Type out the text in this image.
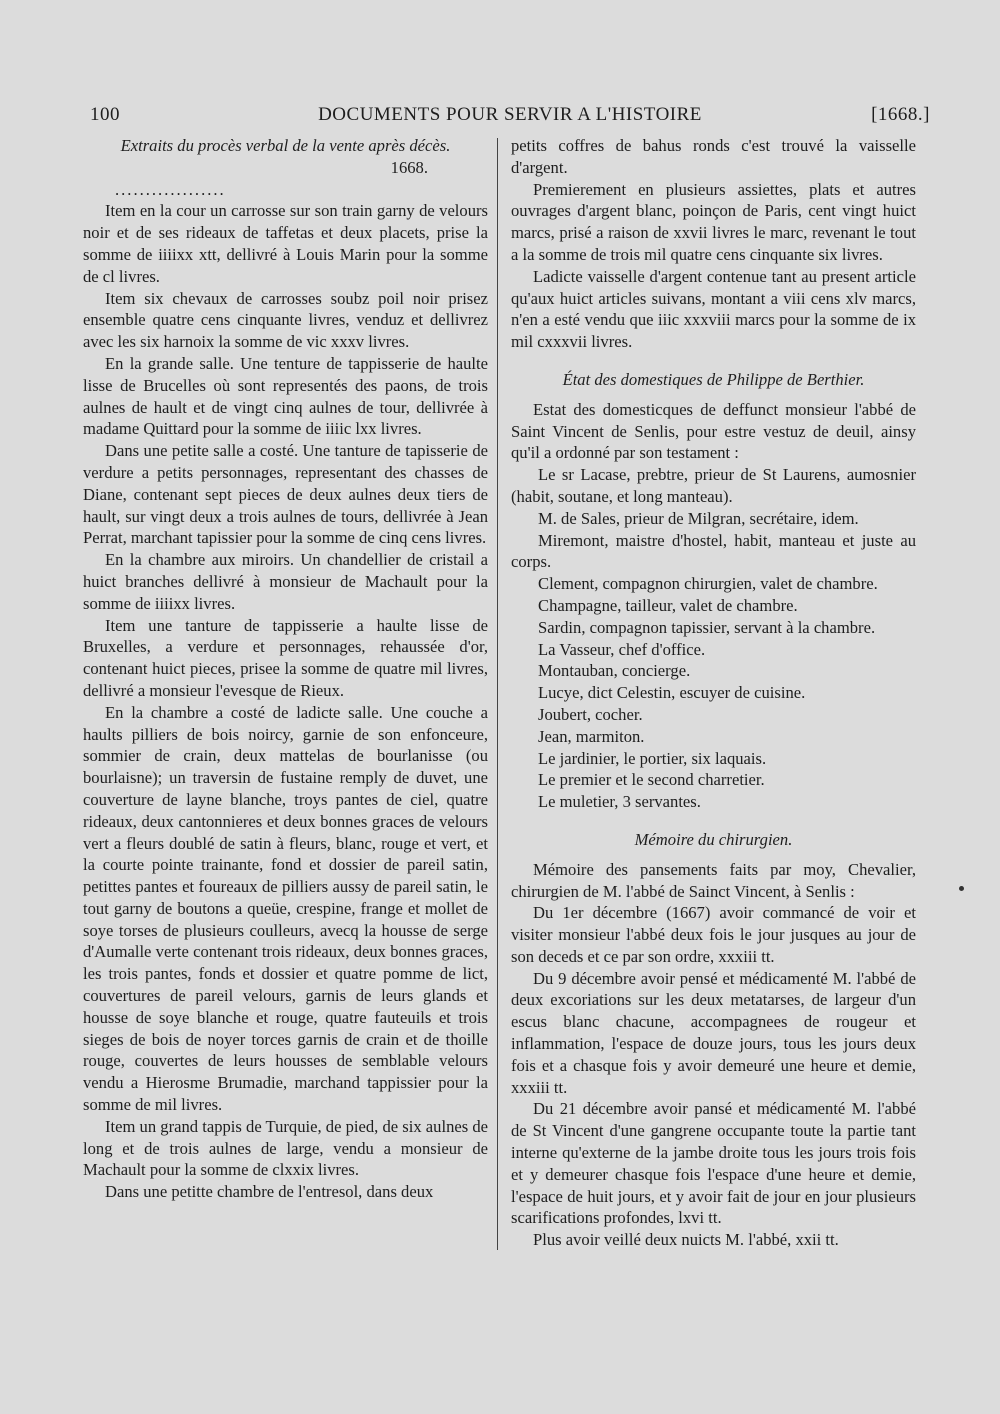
100	DOCUMENTS POUR SERVIR A L'HISTOIRE	[1668.]

Extraits du procès verbal de la vente après décès.

1668.

..................

Item en la cour un carrosse sur son train garny de velours noir et de ses rideaux de taffetas et deux placets, prise la somme de iiiixx xtt, dellivré à Louis Marin pour la somme de cl livres.

Item six chevaux de carrosses soubz poil noir prisez ensemble quatre cens cinquante livres, venduz et dellivrez avec les six harnoix la somme de vic xxxv livres.

En la grande salle. Une tenture de tappisserie de haulte lisse de Brucelles où sont representés des paons, de trois aulnes de hault et de vingt cinq aulnes de tour, dellivrée à madame Quittard pour la somme de iiiic lxx livres.

Dans une petite salle a costé. Une tanture de tapisserie de verdure a petits personnages, representant des chasses de Diane, contenant sept pieces de deux aulnes deux tiers de hault, sur vingt deux a trois aulnes de tours, dellivrée à Jean Perrat, marchant tapissier pour la somme de cinq cens livres.

En la chambre aux miroirs. Un chandellier de cristail a huict branches dellivré à monsieur de Machault pour la somme de iiiixx livres.

Item une tanture de tappisserie a haulte lisse de Bruxelles, a verdure et personnages, rehaussée d'or, contenant huict pieces, prisee la somme de quatre mil livres, dellivré a monsieur l'evesque de Rieux.

En la chambre a costé de ladicte salle. Une couche a haults pilliers de bois noircy, garnie de son enfonceure, sommier de crain, deux mattelas de bourlanisse (ou bourlaisne); un traversin de fustaine remply de duvet, une couverture de layne blanche, troys pantes de ciel, quatre rideaux, deux cantonnieres et deux bonnes graces de velours vert a fleurs doublé de satin à fleurs, blanc, rouge et vert, et la courte pointe trainante, fond et dossier de pareil satin, petittes pantes et foureaux de pilliers aussy de pareil satin, le tout garny de boutons a queüe, crespine, frange et mollet de soye torses de plusieurs coulleurs, avecq la housse de serge d'Aumalle verte contenant trois rideaux, deux bonnes graces, les trois pantes, fonds et dossier et quatre pomme de lict, couvertures de pareil velours, garnis de leurs glands et housse de soye blanche et rouge, quatre fauteuils et trois sieges de bois de noyer torces garnis de crain et de thoille rouge, couvertes de leurs housses de semblable velours vendu a Hierosme Brumadie, marchand tappissier pour la somme de mil livres.

Item un grand tappis de Turquie, de pied, de six aulnes de long et de trois aulnes de large, vendu a monsieur de Machault pour la somme de clxxix livres.

Dans une petitte chambre de l'entresol, dans deux

petits coffres de bahus ronds c'est trouvé la vaisselle d'argent.

Premierement en plusieurs assiettes, plats et autres ouvrages d'argent blanc, poinçon de Paris, cent vingt huict marcs, prisé a raison de xxvii livres le marc, revenant le tout a la somme de trois mil quatre cens cinquante six livres.

Ladicte vaisselle d'argent contenue tant au present article qu'aux huict articles suivans, montant a viii cens xlv marcs, n'en a esté vendu que iiic xxxviii marcs pour la somme de ix mil cxxxvii livres.

État des domestiques de Philippe de Berthier.

Estat des domesticques de deffunct monsieur l'abbé de Saint Vincent de Senlis, pour estre vestuz de deuil, ainsy qu'il a ordonné par son testament :

Le sr Lacase, prebtre, prieur de St Laurens, aumosnier (habit, soutane, et long manteau).

M. de Sales, prieur de Milgran, secrétaire, idem.

Miremont, maistre d'hostel, habit, manteau et juste au corps.

Clement, compagnon chirurgien, valet de chambre.

Champagne, tailleur, valet de chambre.

Sardin, compagnon tapissier, servant à la chambre.

La Vasseur, chef d'office.

Montauban, concierge.

Lucye, dict Celestin, escuyer de cuisine.

Joubert, cocher.

Jean, marmiton.

Le jardinier, le portier, six laquais.

Le premier et le second charretier.

Le muletier, 3 servantes.

Mémoire du chirurgien.

Mémoire des pansements faits par moy, Chevalier, chirurgien de M. l'abbé de Sainct Vincent, à Senlis :

Du 1er décembre (1667) avoir commancé de voir et visiter monsieur l'abbé deux fois le jour jusques au jour de son deceds et ce par son ordre, xxxiii tt.

Du 9 décembre avoir pensé et médicamenté M. l'abbé de deux excoriations sur les deux metatarses, de largeur d'un escus blanc chacune, accompagnees de rougeur et inflammation, l'espace de douze jours, tous les jours deux fois et a chasque fois y avoir demeuré une heure et demie, xxxiii tt.

Du 21 décembre avoir pansé et médicamenté M. l'abbé de St Vincent d'une gangrene occupante toute la partie tant interne qu'externe de la jambe droite tous les jours trois fois et y demeurer chasque fois l'espace d'une heure et demie, l'espace de huit jours, et y avoir fait de jour en jour plusieurs scarifications profondes, lxvi tt.

Plus avoir veillé deux nuicts M. l'abbé, xxii tt.
